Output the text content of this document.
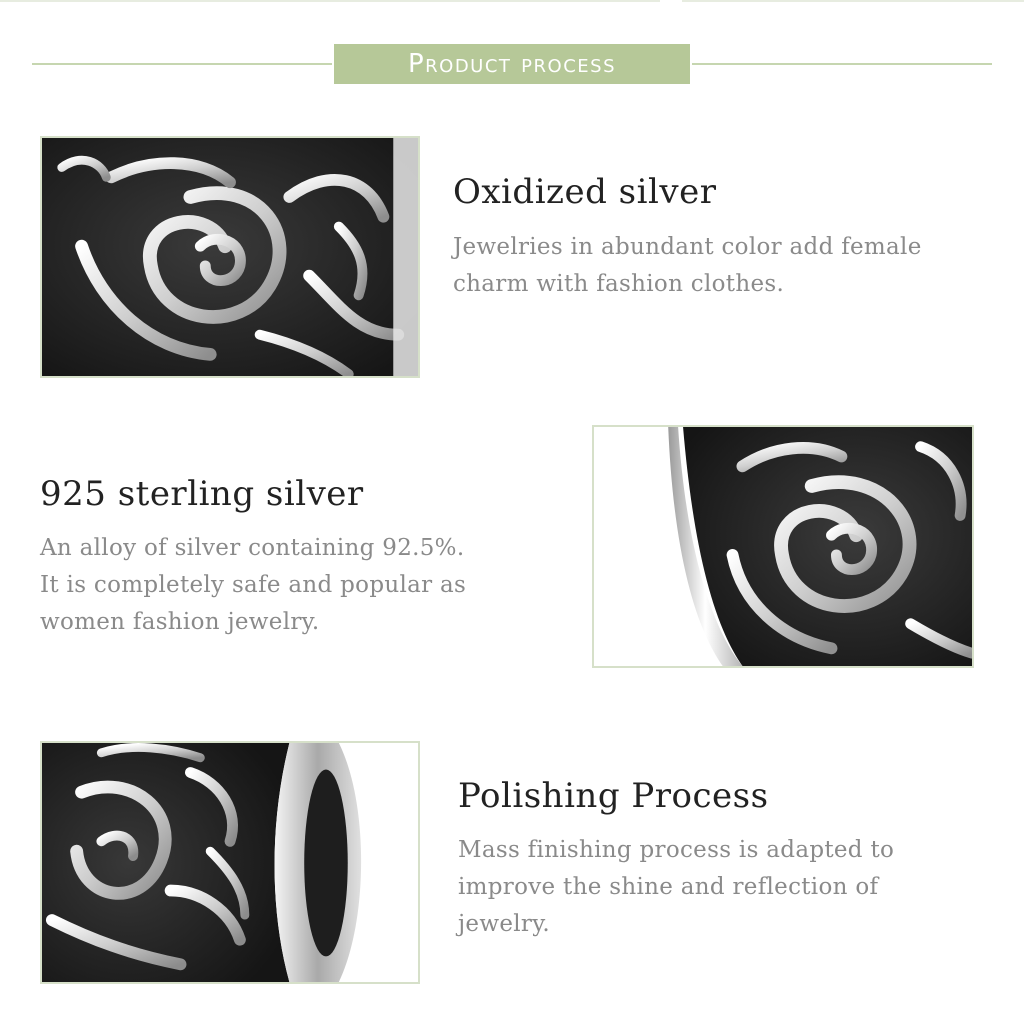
Product process
Oxidized silver
Jewelries in abundant color add female
charm with fashion clothes.
925 sterling silver
An alloy of silver containing 92.5%.
It is completely safe and popular as
women fashion jewelry.
Polishing Process
Mass finishing process is adapted to
improve the shine and reflection of
jewelry.
